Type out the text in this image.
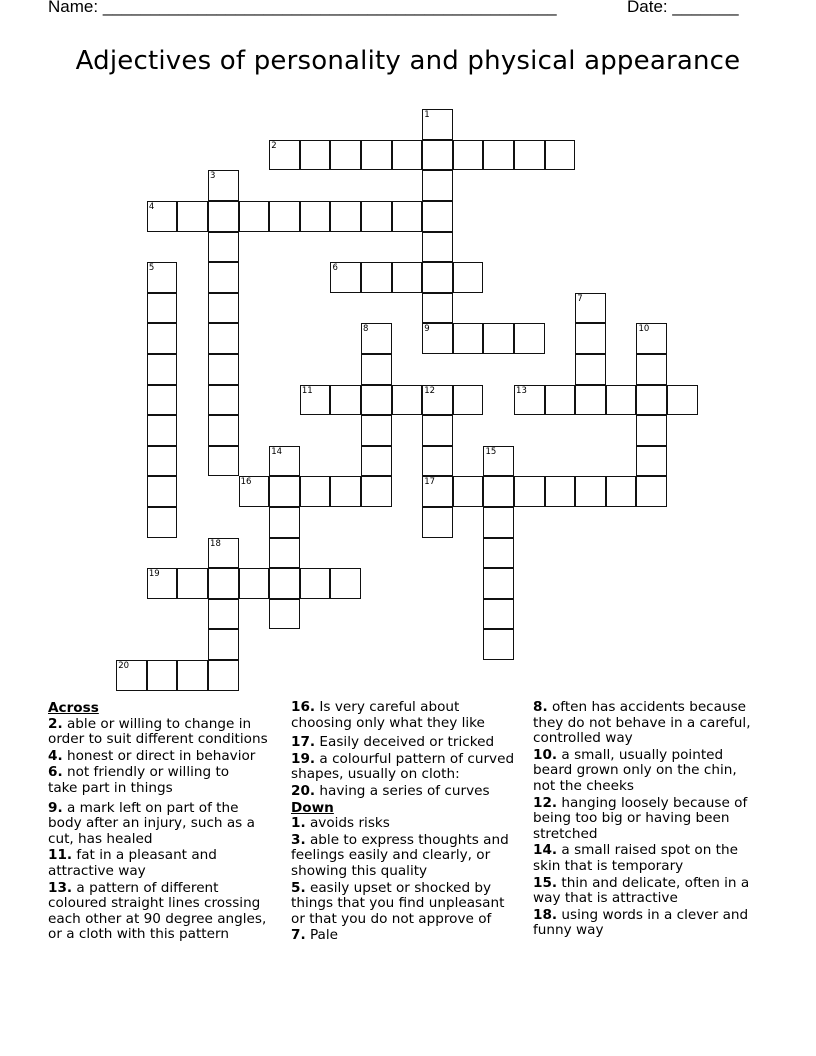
Name: ________________________________________________	Date: _______
Adjectives of personality and physical appearance
1
9
2
3
4
5	6
7
8	10
11	12
17
13
14	15
16
18
19
20
Across
2. able or willing to change in order to suit different conditions
4. honest or direct in behavior
6. not friendly or willing to take part in things
9. a mark left on part of the body after an injury, such as a cut, has healed
11. fat in a pleasant and attractive way
13. a pattern of different coloured straight lines crossing each other at 90 degree angles, or a cloth with this pattern
16. Is very careful about choosing only what they like
17. Easily deceived or tricked
19. a colourful pattern of curved shapes, usually on cloth:
20. having a series of curves
Down
1. avoids risks
3. able to express thoughts and feelings easily and clearly, or showing this quality
5. easily upset or shocked by things that you find unpleasant or that you do not approve of
7. Pale
8. often has accidents because they do not behave in a careful, controlled way
10. a small, usually pointed beard grown only on the chin, not the cheeks
12. hanging loosely because of being too big or having been stretched
14. a small raised spot on the skin that is temporary
15. thin and delicate, often in a way that is attractive
18. using words in a clever and funny way
